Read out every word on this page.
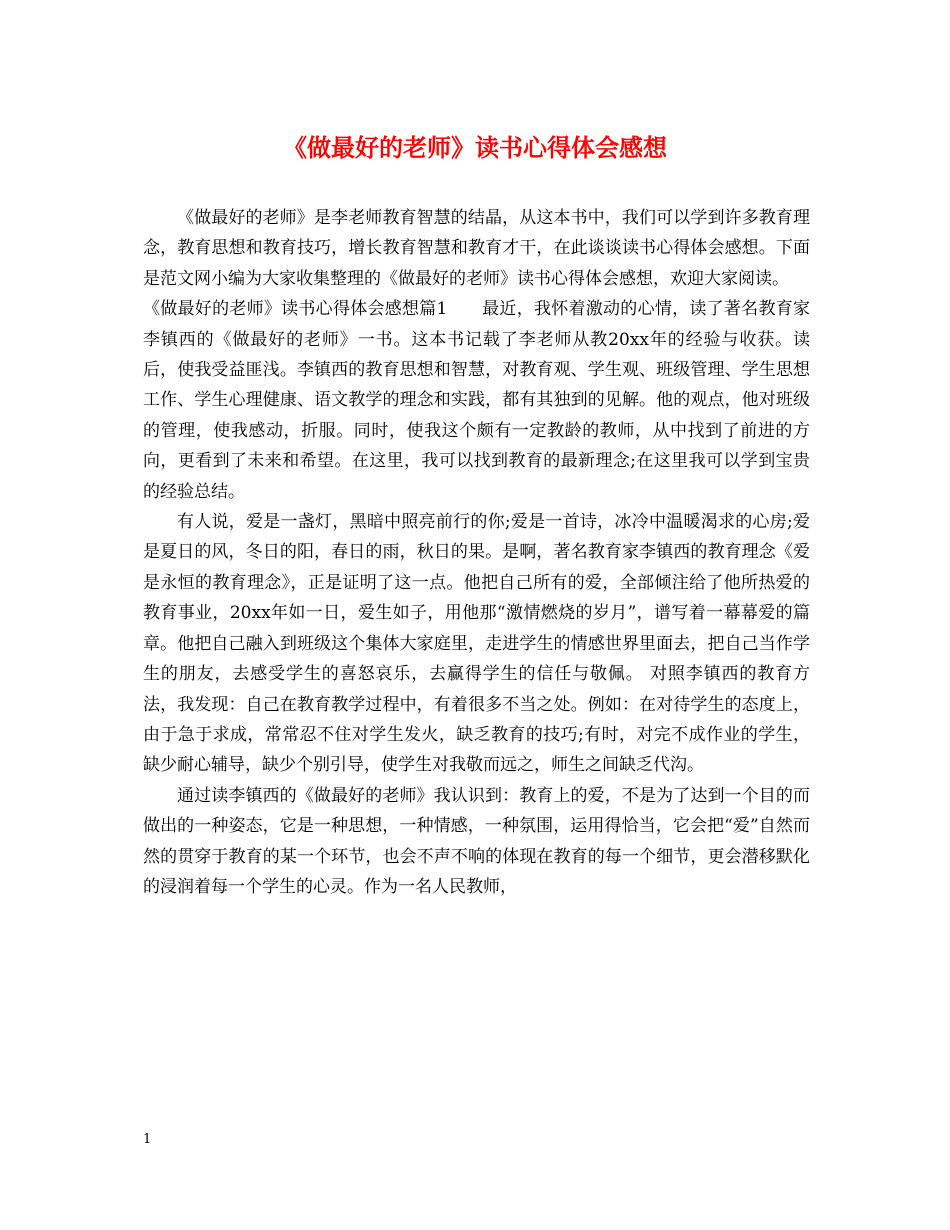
《做最好的老师》读书心得体会感想

《做最好的老师》是李老师教育智慧的结晶，从这本书中，我们可以学到许多教育理念，教育思想和教育技巧，增长教育智慧和教育才干，在此谈谈读书心得体会感想。下面是范文网小编为大家收集整理的《做最好的老师》读书心得体会感想，欢迎大家阅读。

《做最好的老师》读书心得体会感想篇1　　最近，我怀着激动的心情，读了著名教育家李镇西的《做最好的老师》一书。这本书记载了李老师从教20xx年的经验与收获。读后，使我受益匪浅。李镇西的教育思想和智慧，对教育观、学生观、班级管理、学生思想工作、学生心理健康、语文教学的理念和实践，都有其独到的见解。他的观点，他对班级的管理，使我感动，折服。同时，使我这个颇有一定教龄的教师，从中找到了前进的方向，更看到了未来和希望。在这里，我可以找到教育的最新理念;在这里我可以学到宝贵的经验总结。

有人说，爱是一盏灯，黑暗中照亮前行的你;爱是一首诗，冰冷中温暖渴求的心房;爱是夏日的风，冬日的阳，春日的雨，秋日的果。是啊，著名教育家李镇西的教育理念《爱是永恒的教育理念》，正是证明了这一点。他把自己所有的爱，全部倾注给了他所热爱的教育事业，20xx年如一日，爱生如子，用他那“激情燃烧的岁月”，谱写着一幕幕爱的篇章。他把自己融入到班级这个集体大家庭里，走进学生的情感世界里面去，把自己当作学生的朋友，去感受学生的喜怒哀乐，去赢得学生的信任与敬佩。 对照李镇西的教育方法，我发现：自己在教育教学过程中，有着很多不当之处。例如：在对待学生的态度上，由于急于求成，常常忍不住对学生发火，缺乏教育的技巧;有时，对完不成作业的学生，缺少耐心辅导，缺少个别引导，使学生对我敬而远之，师生之间缺乏代沟。

通过读李镇西的《做最好的老师》我认识到：教育上的爱，不是为了达到一个目的而做出的一种姿态，它是一种思想，一种情感，一种氛围，运用得恰当，它会把“爱”自然而然的贯穿于教育的某一个环节，也会不声不响的体现在教育的每一个细节，更会潜移默化的浸润着每一个学生的心灵。作为一名人民教师，

1
